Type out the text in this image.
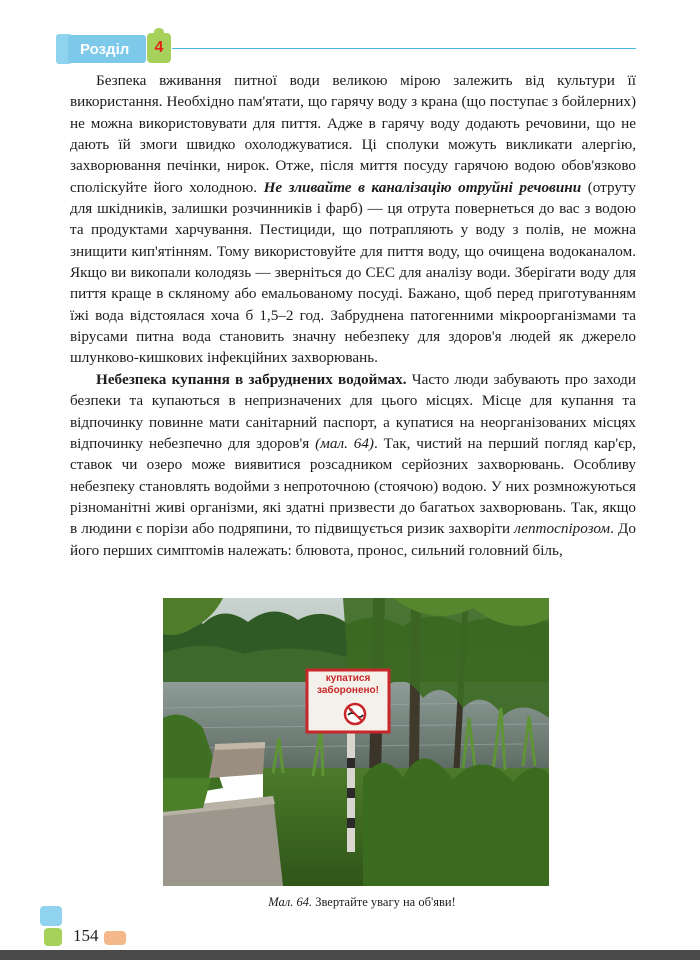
Розділ	4

Безпека вживання питної води великою мірою залежить від культури її використання. Необхідно пам'ятати, що гарячу воду з крана (що поступає з бойлерних) не можна використовувати для пиття. Адже в гарячу воду додають речовини, що не дають їй змоги швидко охолоджуватися. Ці сполуки можуть викликати алергію, захворювання печінки, нирок. Отже, після миття посуду гарячою водою обов'язково споліскуйте його холодною. Не зливайте в каналізацію отруйні речовини (отруту для шкідників, залишки розчинників і фарб) — ця отрута повернеться до вас з водою та продуктами харчування. Пестициди, що потрапляють у воду з полів, не можна знищити кип'ятінням. Тому використовуйте для пиття воду, що очищена водоканалом. Якщо ви викопали колодязь — зверніться до СЕС для аналізу води. Зберігати воду для пиття краще в скляному або емальованому посуді. Бажано, щоб перед приготуванням їжі вода відстоялася хоча б 1,5–2 год. Забруднена патогенними мікроорганізмами та вірусами питна вода становить значну небезпеку для здоров'я людей як джерело шлунково-кишкових інфекційних захворювань.

Небезпека купання в забруднених водоймах. Часто люди забувають про заходи безпеки та купаються в непризначених для цього місцях. Місце для купання та відпочинку повинне мати санітарний паспорт, а купатися на неорганізованих місцях відпочинку небезпечно для здоров'я (мал. 64). Так, чистий на перший погляд кар'єр, ставок чи озеро може виявитися розсадником серйозних захворювань. Особливу небезпеку становлять водойми з непроточною (стоячою) водою. У них розмножуються різноманітні живі організми, які здатні призвести до багатьох захворювань. Так, якщо в людини є порізи або подряпини, то підвищується ризик захворіти лептоспірозом. До його перших симптомів належать: блювота, пронос, сильний головний біль,

купатися
заборонено!
Мал. 64. Звертайте увагу на об'яви!
154
